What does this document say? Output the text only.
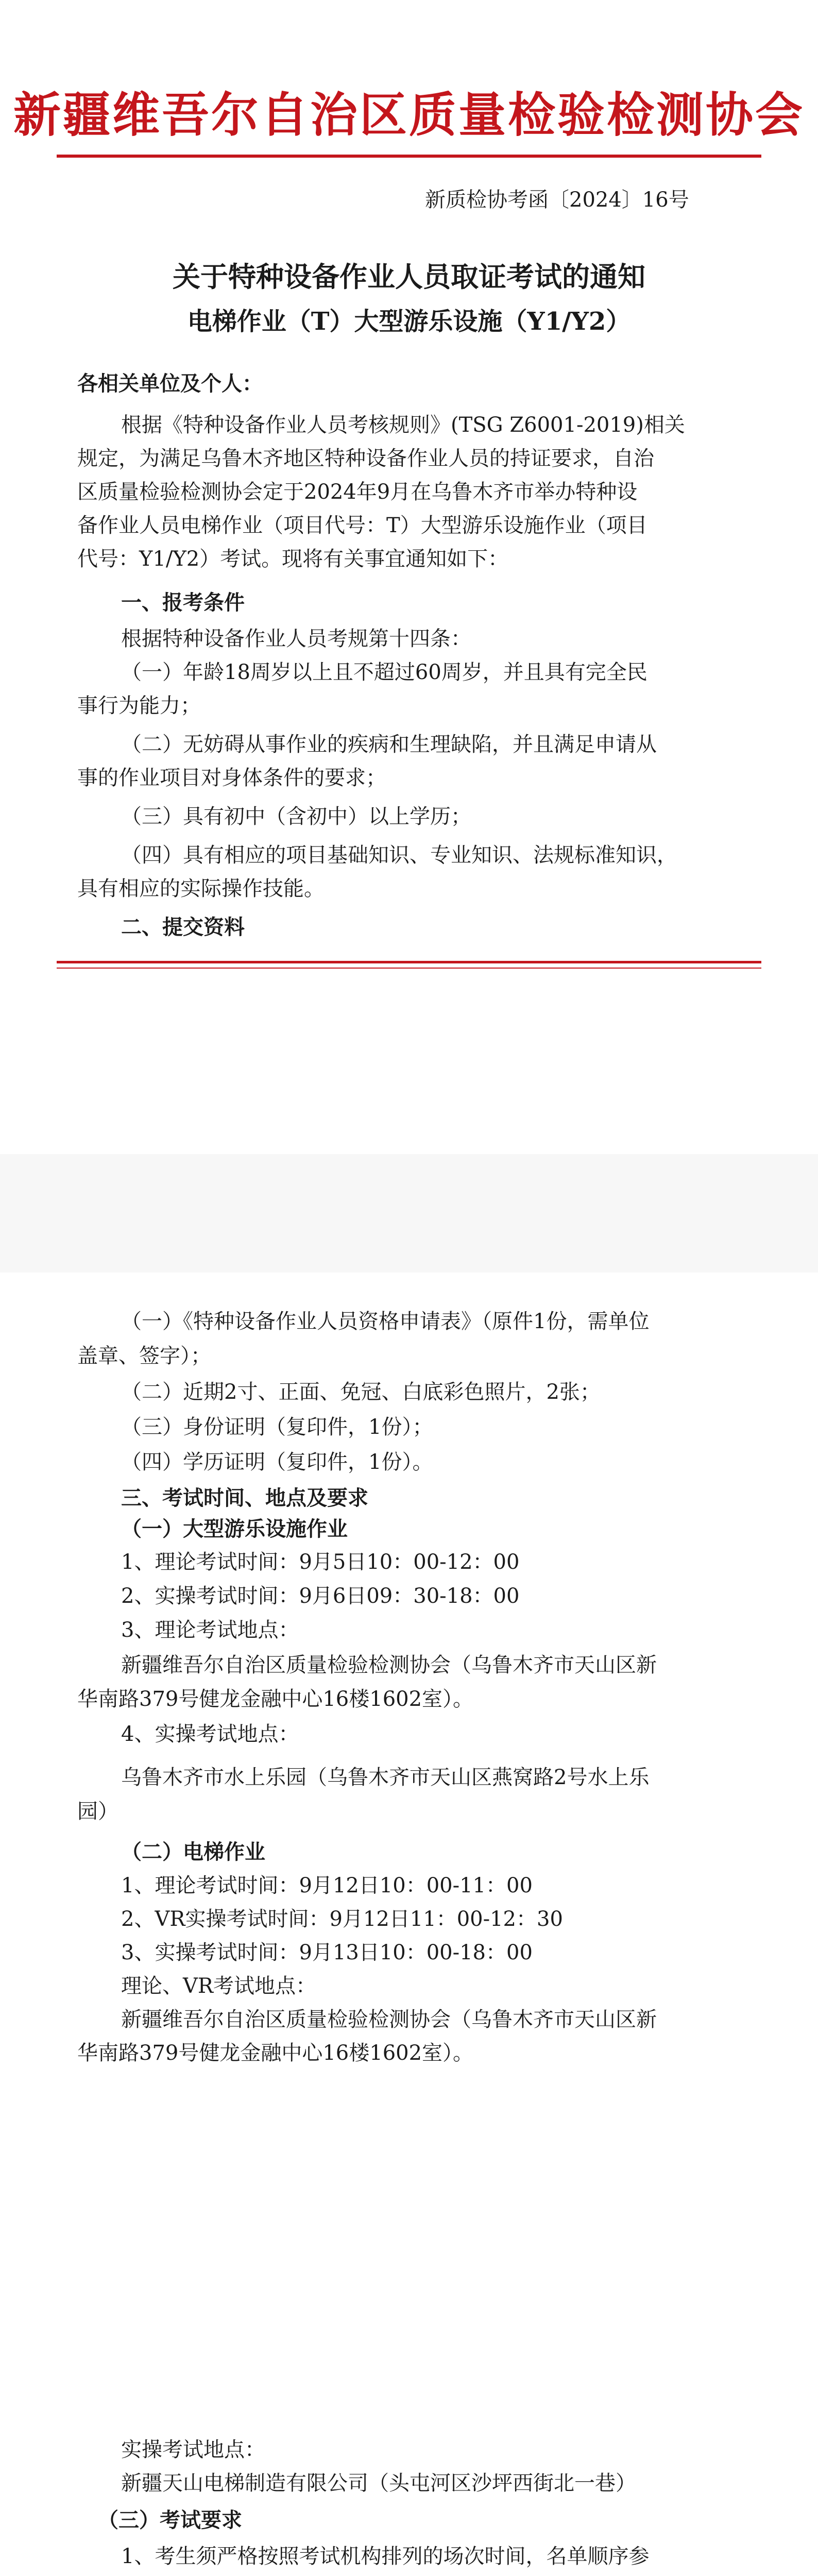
新疆维吾尔自治区质量检验检测协会
新质检协考函〔2024〕16号
关于特种设备作业人员取证考试的通知
电梯作业（T）大型游乐设施（Y1/Y2）
各相关单位及个人：
根据《特种设备作业人员考核规则》(TSG Z6001-2019)相关
规定，为满足乌鲁木齐地区特种设备作业人员的持证要求，自治
区质量检验检测协会定于2024年9月在乌鲁木齐市举办特种设
备作业人员电梯作业（项目代号：T）大型游乐设施作业（项目
代号：Y1/Y2）考试。现将有关事宜通知如下：
一、报考条件
根据特种设备作业人员考规第十四条：
（一）年龄18周岁以上且不超过60周岁，并且具有完全民
事行为能力；
（二）无妨碍从事作业的疾病和生理缺陷，并且满足申请从
事的作业项目对身体条件的要求；
（三）具有初中（含初中）以上学历；
（四）具有相应的项目基础知识、专业知识、法规标准知识，
具有相应的实际操作技能。
二、提交资料
（一）《特种设备作业人员资格申请表》（原件1份，需单位
盖章、签字）；
（二）近期2寸、正面、免冠、白底彩色照片，2张；
（三）身份证明（复印件，1份）；
（四）学历证明（复印件，1份）。
三、考试时间、地点及要求
（一）大型游乐设施作业
1、理论考试时间：9月5日10：00-12：00
2、实操考试时间：9月6日09：30-18：00
3、理论考试地点：
新疆维吾尔自治区质量检验检测协会（乌鲁木齐市天山区新
华南路379号健龙金融中心16楼1602室）。
4、实操考试地点：
乌鲁木齐市水上乐园（乌鲁木齐市天山区燕窝路2号水上乐
园）
（二）电梯作业
1、理论考试时间：9月12日10：00-11：00
2、VR实操考试时间：9月12日11：00-12：30
3、实操考试时间：9月13日10：00-18：00
理论、VR考试地点：
新疆维吾尔自治区质量检验检测协会（乌鲁木齐市天山区新
华南路379号健龙金融中心16楼1602室）。
实操考试地点：
新疆天山电梯制造有限公司（头屯河区沙坪西街北一巷）
（三）考试要求
1、考生须严格按照考试机构排列的场次时间，名单顺序参
